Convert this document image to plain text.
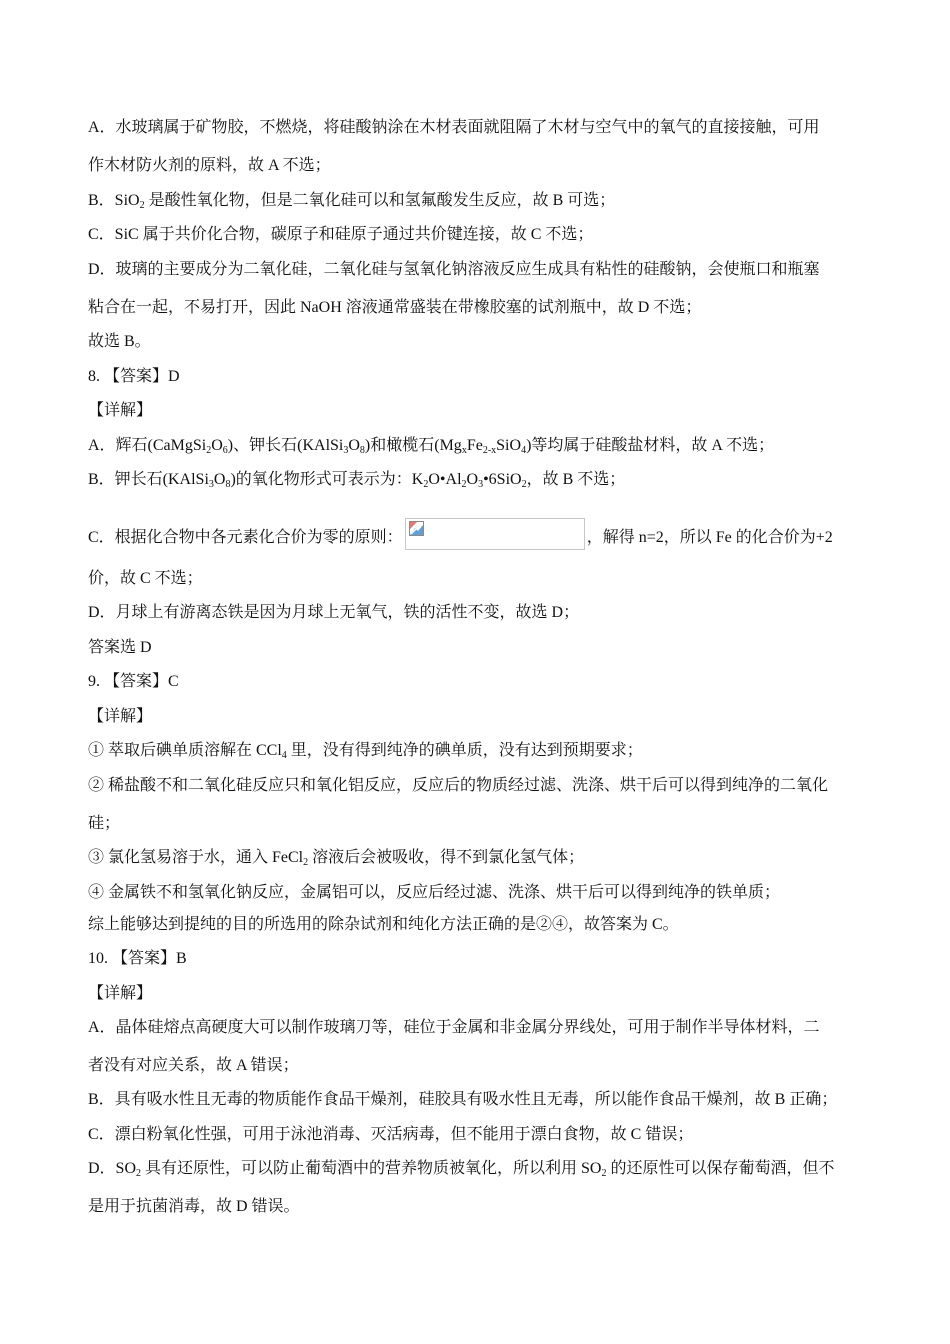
A．水玻璃属于矿物胶，不燃烧，将硅酸钠涂在木材表面就阻隔了木材与空气中的氧气的直接接触，可用
作木材防火剂的原料，故 A 不选；
B．SiO$_2$ 是酸性氧化物，但是二氧化硅可以和氢氟酸发生反应，故 B 可选；
C．SiC 属于共价化合物，碳原子和硅原子通过共价键连接，故 C 不选；
D．玻璃的主要成分为二氧化硅，二氧化硅与氢氧化钠溶液反应生成具有粘性的硅酸钠，会使瓶口和瓶塞
粘合在一起，不易打开，因此 NaOH 溶液通常盛装在带橡胶塞的试剂瓶中，故 D 不选；
故选 B。
8. 【答案】D
【详解】
A．辉石$(CaMgSi_2O_6)$、钾长石$(KAlSi_3O_8)$和橄榄石$(Mg_xFe_{2-x}SiO_4)$等均属于硅酸盐材料，故 A 不选；
B．钾长石$(KAlSi_3O_8)$的氧化物形式可表示为：$K_2O•Al_2O_3•6SiO_2$，故 B 不选；
C．根据化合物中各元素化合价为零的原则：	，解得 n=2，所以 Fe 的化合价为+2
价，故 C 不选；
D．月球上有游离态铁是因为月球上无氧气，铁的活性不变，故选 D；
答案选 D
9. 【答案】C
【详解】
① 萃取后碘单质溶解在 CCl$_4$ 里，没有得到纯净的碘单质，没有达到预期要求；
② 稀盐酸不和二氧化硅反应只和氧化铝反应，反应后的物质经过滤、洗涤、烘干后可以得到纯净的二氧化
硅；
③ 氯化氢易溶于水，通入 FeCl$_2$ 溶液后会被吸收，得不到氯化氢气体；
④ 金属铁不和氢氧化钠反应，金属铝可以，反应后经过滤、洗涤、烘干后可以得到纯净的铁单质；
综上能够达到提纯的目的所选用的除杂试剂和纯化方法正确的是②④，故答案为 C。
10. 【答案】B
【详解】
A．晶体硅熔点高硬度大可以制作玻璃刀等，硅位于金属和非金属分界线处，可用于制作半导体材料，二
者没有对应关系，故 A 错误；
B．具有吸水性且无毒的物质能作食品干燥剂，硅胶具有吸水性且无毒，所以能作食品干燥剂，故 B 正确；
C．漂白粉氧化性强，可用于泳池消毒、灭活病毒，但不能用于漂白食物，故 C 错误；
D．$SO_2$ 具有还原性，可以防止葡萄酒中的营养物质被氧化，所以利用 $SO_2$ 的还原性可以保存葡萄酒，但不
是用于抗菌消毒，故 D 错误。
